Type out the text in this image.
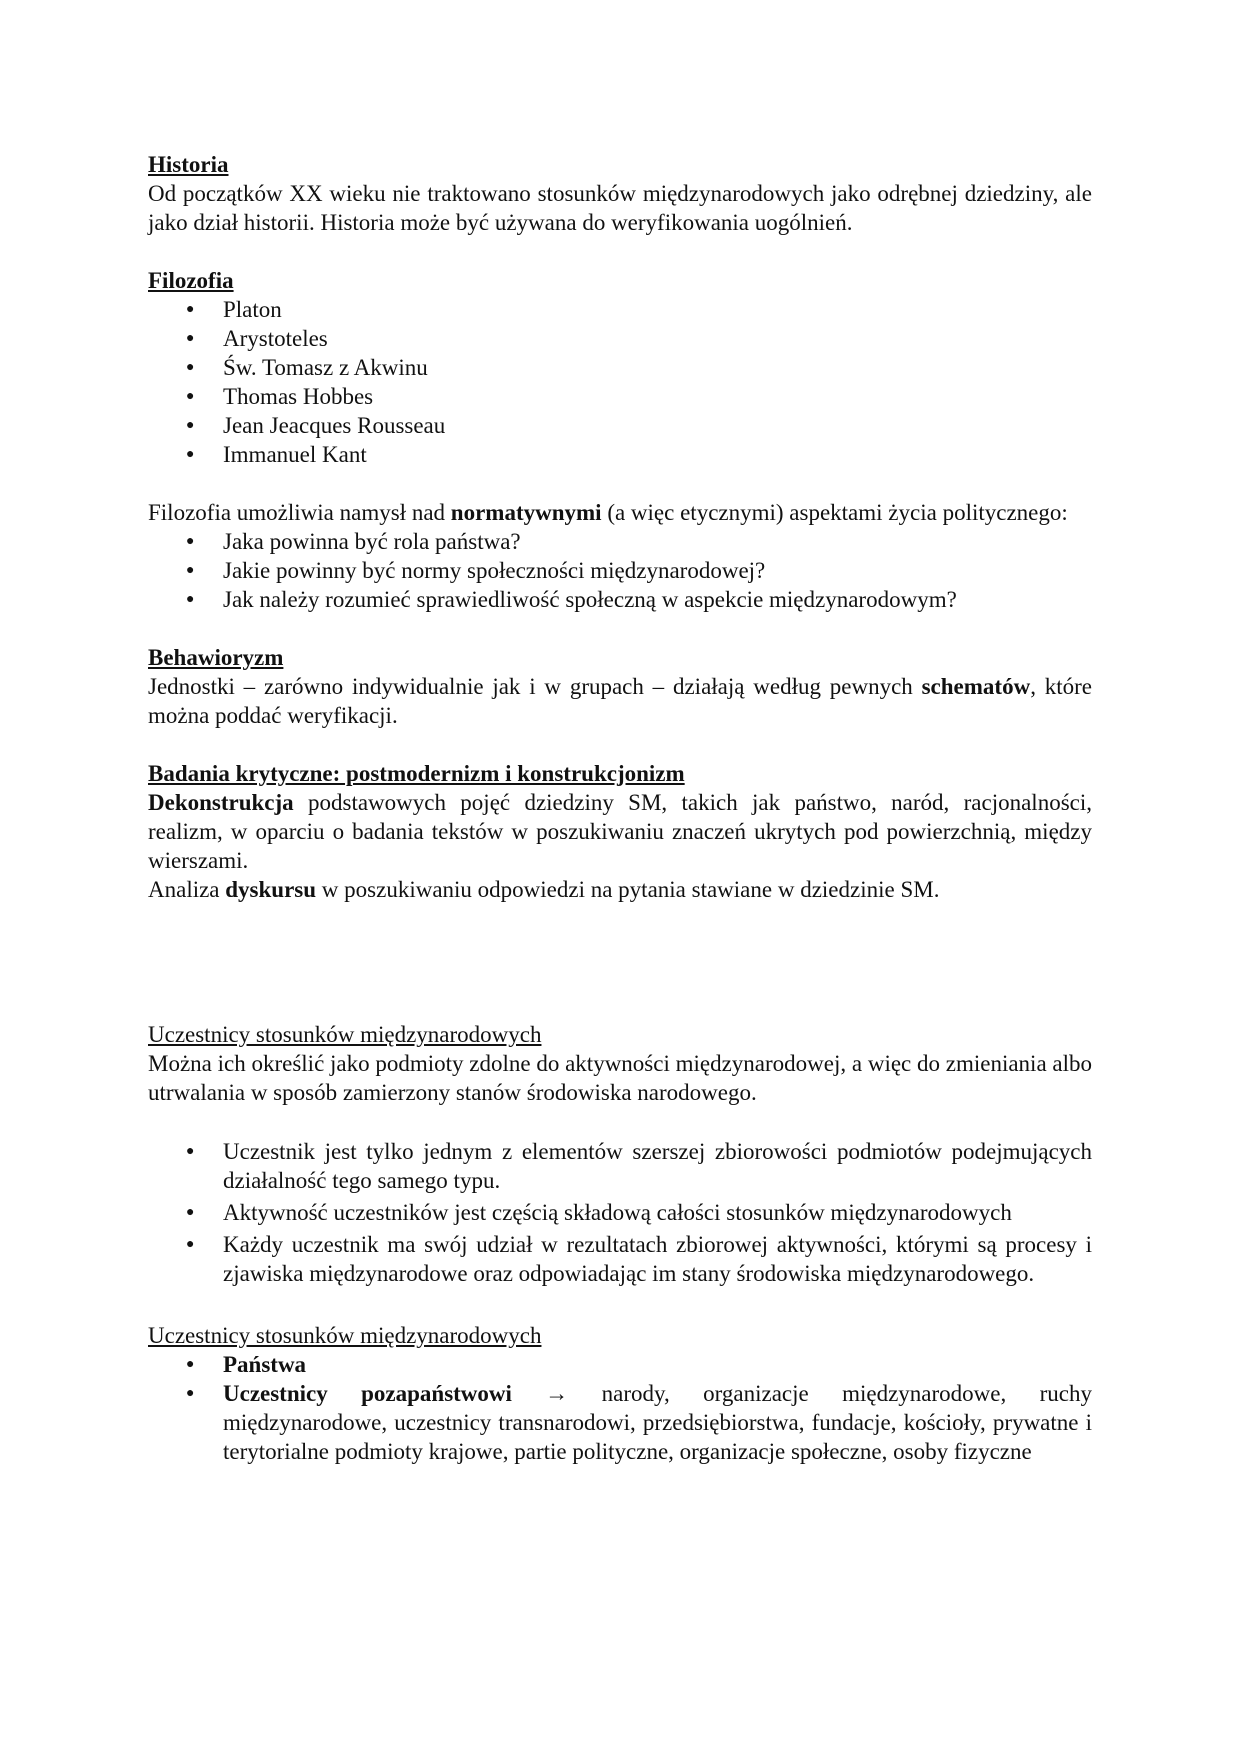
Historia

Od początków XX wieku nie traktowano stosunków międzynarodowych jako odrębnej dziedziny, ale jako dział historii. Historia może być używana do weryfikowania uogólnień.

Filozofia
● Platon
● Arystoteles
● Św. Tomasz z Akwinu
● Thomas Hobbes
● Jean Jeacques Rousseau
● Immanuel Kant

Filozofia umożliwia namysł nad normatywnymi (a więc etycznymi) aspektami życia politycznego:

● Jaka powinna być rola państwa?
● Jakie powinny być normy społeczności międzynarodowej?
● Jak należy rozumieć sprawiedliwość społeczną w aspekcie międzynarodowym?
Behawioryzm

Jednostki – zarówno indywidualnie jak i w grupach – działają według pewnych schematów, które można poddać weryfikacji.

Badania krytyczne: postmodernizm i konstrukcjonizm

Dekonstrukcja podstawowych pojęć dziedziny SM, takich jak państwo, naród, racjonalności, realizm, w oparciu o badania tekstów w poszukiwaniu znaczeń ukrytych pod powierzchnią, między wierszami.

Analiza dyskursu w poszukiwaniu odpowiedzi na pytania stawiane w dziedzinie SM.

Uczestnicy stosunków międzynarodowych

Można ich określić jako podmioty zdolne do aktywności międzynarodowej, a więc do zmieniania albo utrwalania w sposób zamierzony stanów środowiska narodowego.

● Uczestnik jest tylko jednym z elementów szerszej zbiorowości podmiotów podejmujących działalność tego samego typu.
● Aktywność uczestników jest częścią składową całości stosunków międzynarodowych
● Każdy uczestnik ma swój udział w rezultatach zbiorowej aktywności, którymi są procesy i zjawiska międzynarodowe oraz odpowiadając im stany środowiska międzynarodowego.

Uczestnicy stosunków międzynarodowych

● Państwa
● Uczestnicy pozapaństwowi → narody, organizacje międzynarodowe, ruchy międzynarodowe, uczestnicy transnarodowi, przedsiębiorstwa, fundacje, kościoły, prywatne i terytorialne podmioty krajowe, partie polityczne, organizacje społeczne, osoby fizyczne
